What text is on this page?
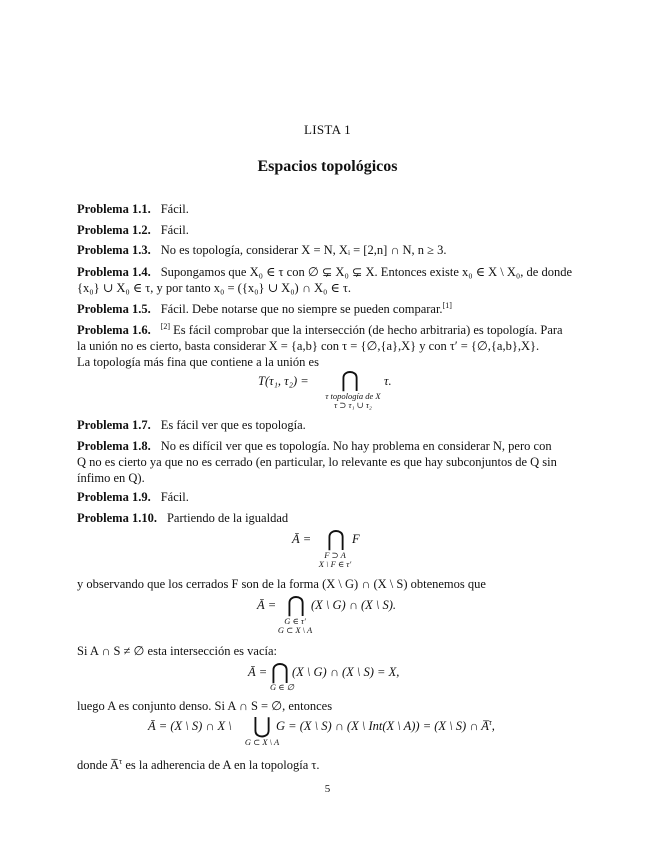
LISTA 1
Espacios topológicos
Problema 1.1. Fácil.
Problema 1.2. Fácil.
Problema 1.3. No es topología, considerar X = N, Xᵢ = [2,n] ∩ N, n ≥ 3.
Problema 1.4. Supongamos que X₀ ∈ τ con ∅ ⊊ X₀ ⊊ X. Entonces existe x₀ ∈ X \ X₀, de donde
{x₀} ∪ X₀ ∈ τ, y por tanto x₀ = ({x₀} ∪ X₀) ∩ X₀ ∈ τ.
Problema 1.5. Fácil. Debe notarse que no siempre se pueden comparar.[1]
Problema 1.6. [2] Es fácil comprobar que la intersección (de hecho arbitraria) es topología. Para
la unión no es cierto, basta considerar X = {a,b} con τ = {∅,{a},X} y con τ′ = {∅,{a,b},X}.
La topología más fina que contiene a la unión es
T(τ₁, τ₂) = ⋂ τ.
τ topología de X
τ ⊃ τ₁ ∪ τ₂
Problema 1.7. Es fácil ver que es topología.
Problema 1.8. No es difícil ver que es topología. No hay problema en considerar N, pero con
Q no es cierto ya que no es cerrado (en particular, lo relevante es que hay subconjuntos de Q sin
ínfimo en Q).
Problema 1.9. Fácil.
Problema 1.10. Partiendo de la igualdad
Ā = ⋂ F
F ⊃ A
X \ F ∈ τ′
y observando que los cerrados F son de la forma (X \ G) ∩ (X \ S) obtenemos que
Ā = ⋂ (X \ G) ∩ (X \ S).
G ∈ τ′
G ⊂ X \ A
Si A ∩ S ≠ ∅ esta intersección es vacía:
Ā = ⋂ (X \ G) ∩ (X \ S) = X,
G ∈ ∅
luego A es conjunto denso. Si A ∩ S = ∅, entonces
Ā = (X \ S) ∩ X \ ⋃ G = (X \ S) ∩ (X \ Int(X \ A)) = (X \ S) ∩ A̅$^\tau$,
G ⊂ X \ A
donde A̅$^\tau$ es la adherencia de A en la topología τ.
5
